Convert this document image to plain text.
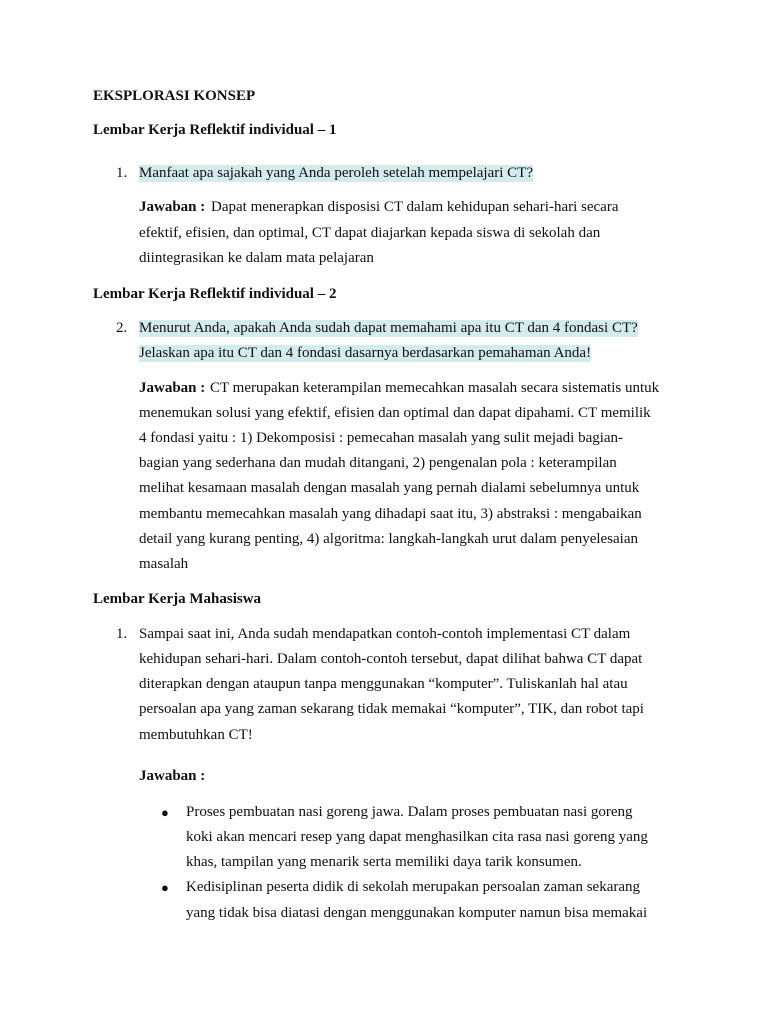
EKSPLORASI KONSEP

Lembar Kerja Reflektif individual – 1

1. Manfaat apa sajakah yang Anda peroleh setelah mempelajari CT?
Jawaban : Dapat menerapkan disposisi CT dalam kehidupan sehari-hari secara
efektif, efisien, dan optimal, CT dapat diajarkan kepada siswa di sekolah dan
diintegrasikan ke dalam mata pelajaran

Lembar Kerja Reflektif individual – 2

2. Menurut Anda, apakah Anda sudah dapat memahami apa itu CT dan 4 fondasi CT?
Jelaskan apa itu CT dan 4 fondasi dasarnya berdasarkan pemahaman Anda!
Jawaban : CT merupakan keterampilan memecahkan masalah secara sistematis untuk
menemukan solusi yang efektif, efisien dan optimal dan dapat dipahami. CT memilik
4 fondasi yaitu : 1) Dekomposisi : pemecahan masalah yang sulit mejadi bagian-
bagian yang sederhana dan mudah ditangani, 2) pengenalan pola : keterampilan
melihat kesamaan masalah dengan masalah yang pernah dialami sebelumnya untuk
membantu memecahkan masalah yang dihadapi saat itu, 3) abstraksi : mengabaikan
detail yang kurang penting, 4) algoritma: langkah-langkah urut dalam penyelesaian
masalah

Lembar Kerja Mahasiswa

1. Sampai saat ini, Anda sudah mendapatkan contoh-contoh implementasi CT dalam
kehidupan sehari-hari. Dalam contoh-contoh tersebut, dapat dilihat bahwa CT dapat
diterapkan dengan ataupun tanpa menggunakan “komputer”. Tuliskanlah hal atau
persoalan apa yang zaman sekarang tidak memakai “komputer”, TIK, dan robot tapi
membutuhkan CT!
Jawaban :
● Proses pembuatan nasi goreng jawa. Dalam proses pembuatan nasi goreng
koki akan mencari resep yang dapat menghasilkan cita rasa nasi goreng yang
khas, tampilan yang menarik serta memiliki daya tarik konsumen.
● Kedisiplinan peserta didik di sekolah merupakan persoalan zaman sekarang
yang tidak bisa diatasi dengan menggunakan komputer namun bisa memakai
